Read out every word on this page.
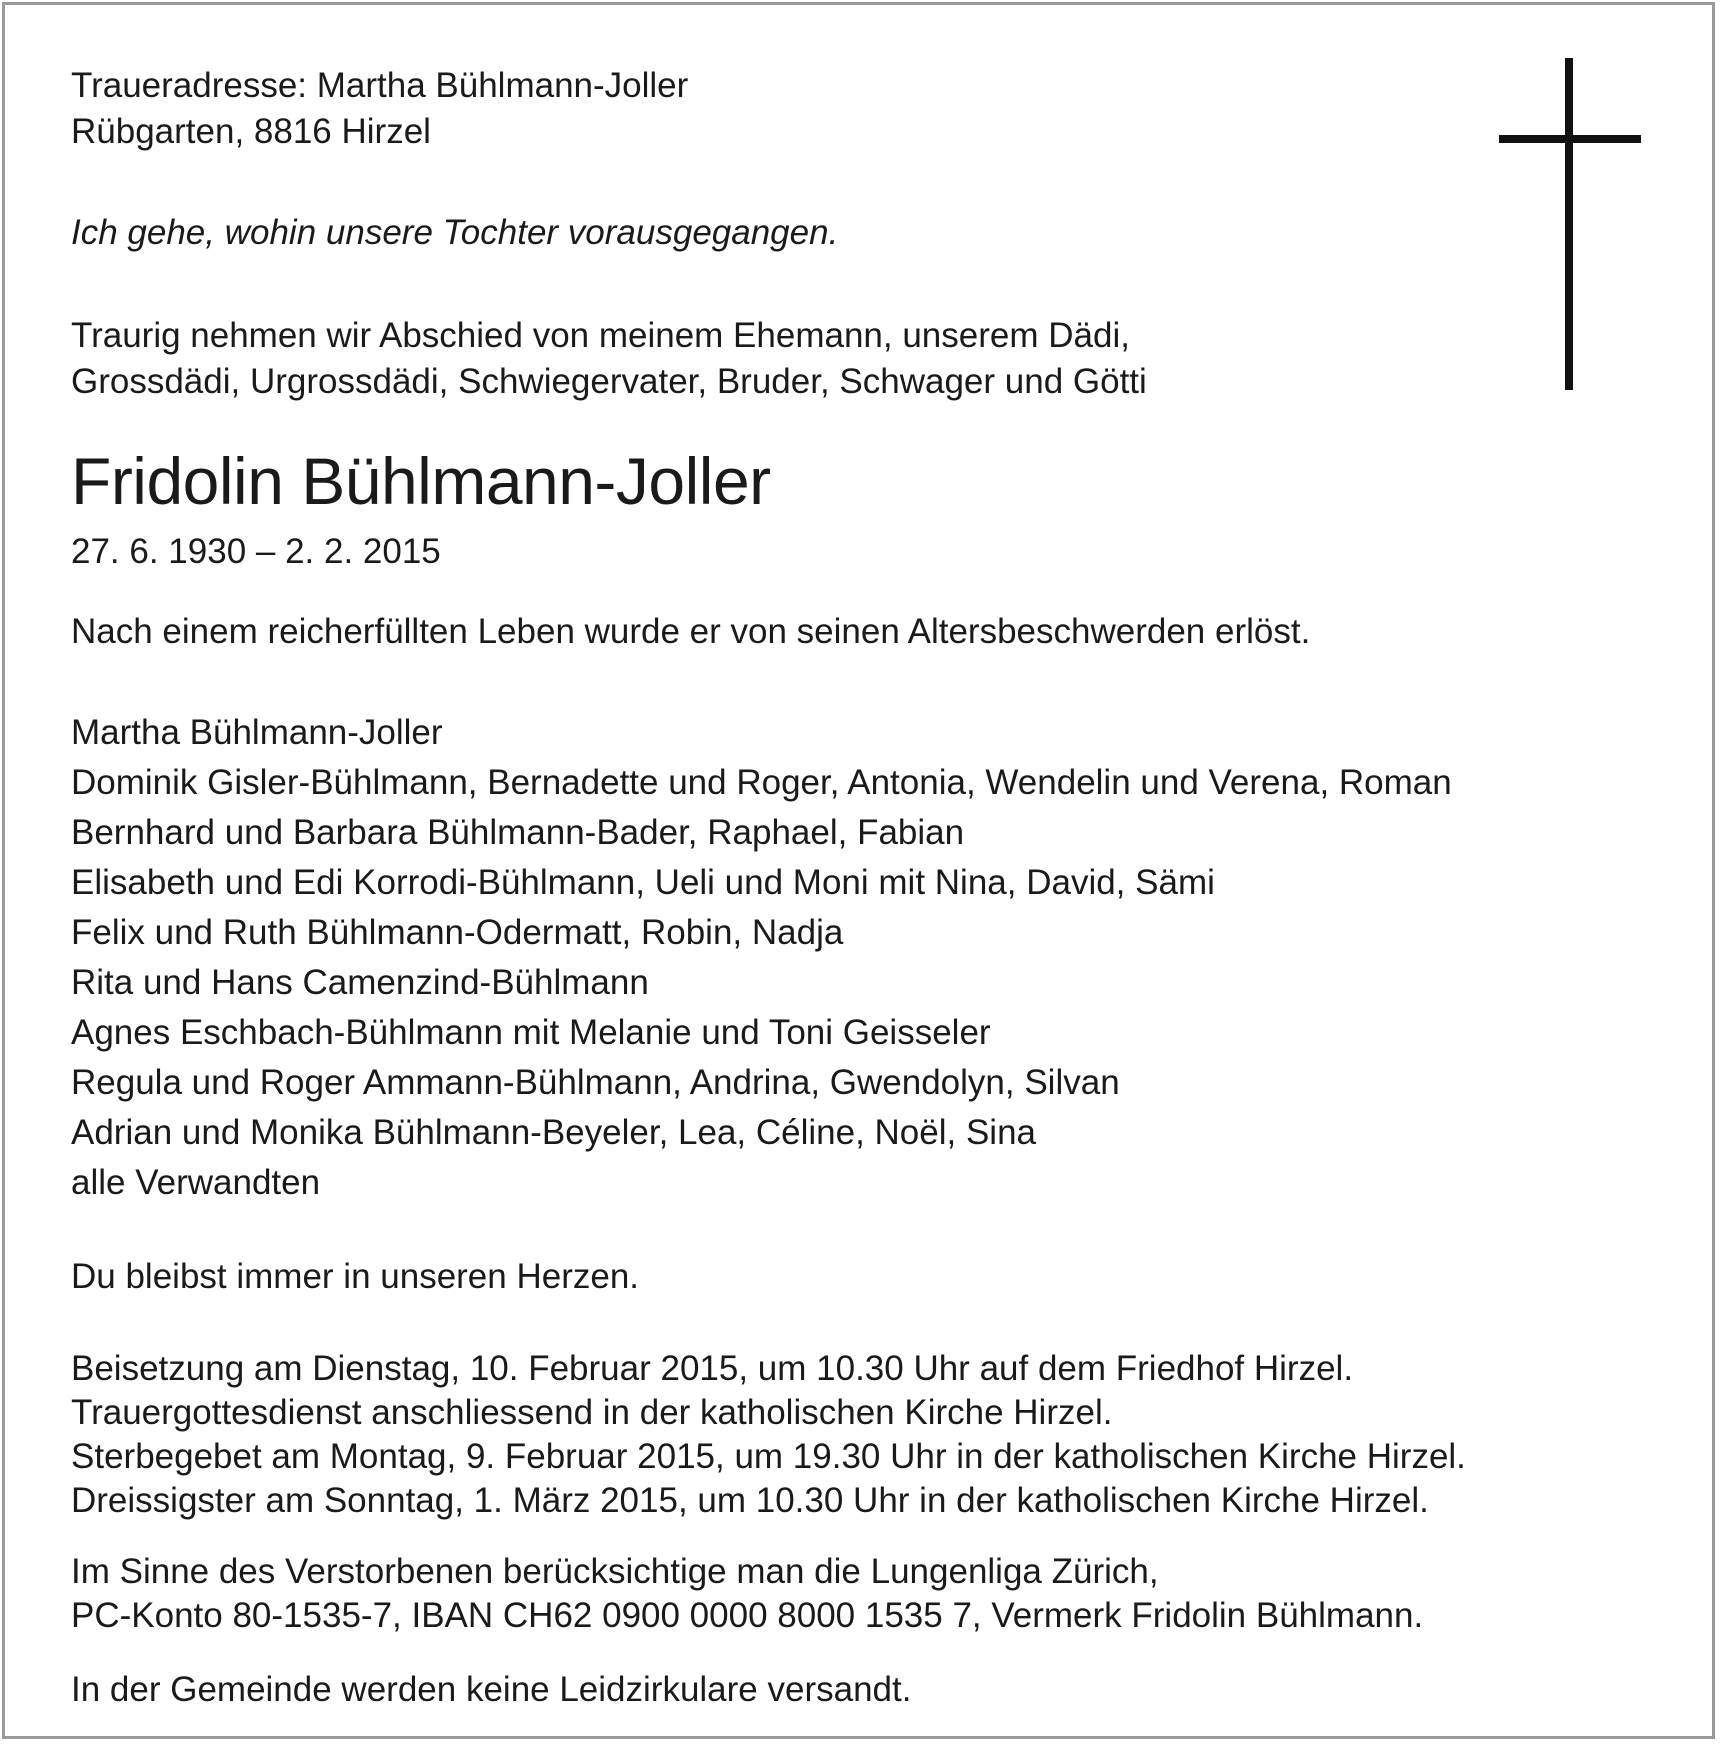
Traueradresse: Martha Bühlmann-Joller

Rübgarten, 8816 Hirzel

Ich gehe, wohin unsere Tochter vorausgegangen.

Traurig nehmen wir Abschied von meinem Ehemann, unserem Dädi,

Grossdädi, Urgrossdädi, Schwiegervater, Bruder, Schwager und Götti

Fridolin Bühlmann-Joller

27. 6. 1930 – 2. 2. 2015

Nach einem reicherfüllten Leben wurde er von seinen Altersbeschwerden erlöst.

Martha Bühlmann-Joller

Dominik Gisler-Bühlmann, Bernadette und Roger, Antonia, Wendelin und Verena, Roman

Bernhard und Barbara Bühlmann-Bader, Raphael, Fabian

Elisabeth und Edi Korrodi-Bühlmann, Ueli und Moni mit Nina, David, Sämi

Felix und Ruth Bühlmann-Odermatt, Robin, Nadja

Rita und Hans Camenzind-Bühlmann

Agnes Eschbach-Bühlmann mit Melanie und Toni Geisseler

Regula und Roger Ammann-Bühlmann, Andrina, Gwendolyn, Silvan

Adrian und Monika Bühlmann-Beyeler, Lea, Céline, Noël, Sina

alle Verwandten

Du bleibst immer in unseren Herzen.

Beisetzung am Dienstag, 10. Februar 2015, um 10.30 Uhr auf dem Friedhof Hirzel.

Trauergottesdienst anschliessend in der katholischen Kirche Hirzel.

Sterbegebet am Montag, 9. Februar 2015, um 19.30 Uhr in der katholischen Kirche Hirzel.

Dreissigster am Sonntag, 1. März 2015, um 10.30 Uhr in der katholischen Kirche Hirzel.

Im Sinne des Verstorbenen berücksichtige man die Lungenliga Zürich,

PC-Konto 80-1535-7, IBAN CH62 0900 0000 8000 1535 7, Vermerk Fridolin Bühlmann.

In der Gemeinde werden keine Leidzirkulare versandt.
